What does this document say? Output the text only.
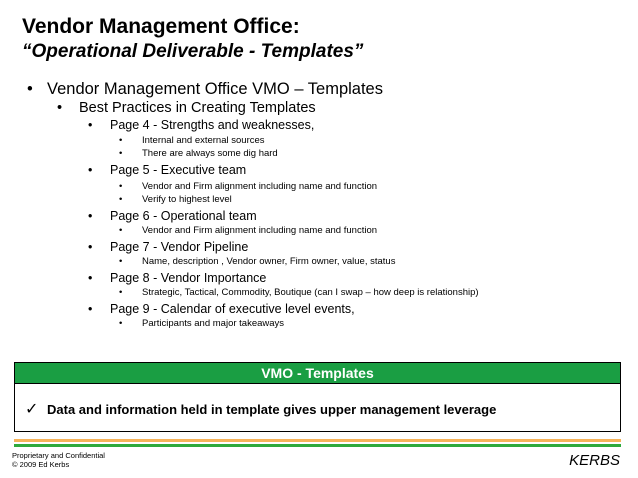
Vendor Management Office:
“Operational Deliverable - Templates”
• Vendor Management Office VMO – Templates
• Best Practices in Creating Templates
• Page 4 - Strengths and weaknesses,
• Internal and external sources
• There are always some dig hard
• Page 5 - Executive team
• Vendor and Firm alignment including name and function
• Verify to highest level
• Page 6 - Operational team
• Vendor and Firm alignment including name and function
• Page 7 - Vendor Pipeline
• Name, description , Vendor owner, Firm owner, value, status
• Page 8 - Vendor Importance
• Strategic, Tactical, Commodity, Boutique (can I swap – how deep is relationship)
• Page 9 - Calendar of executive level events,
• Participants and major takeaways
VMO - Templates
✓ Data and information held in template gives upper management leverage
Proprietary and Confidential
© 2009 Ed Kerbs	KERBS
